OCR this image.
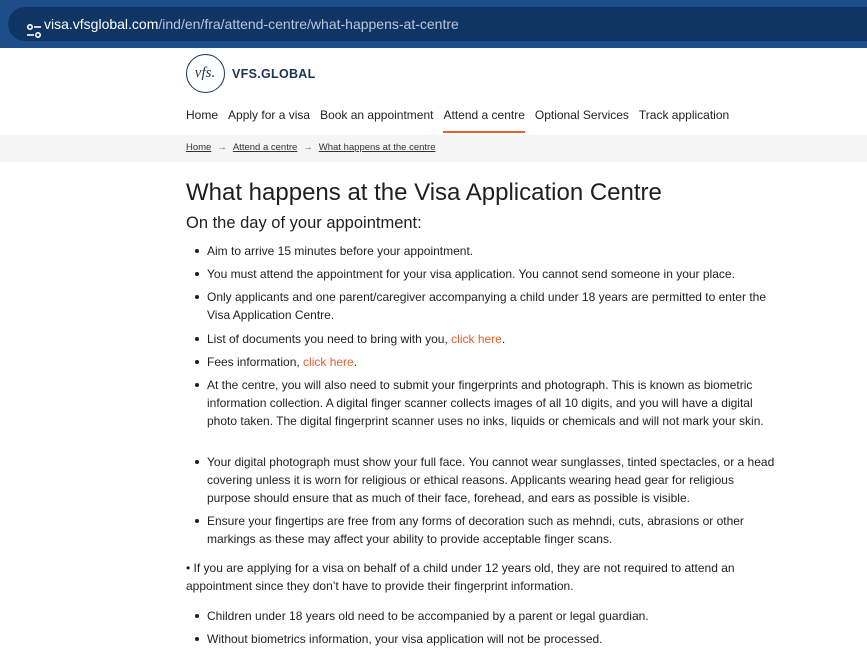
visa.vfsglobal.com/ind/en/fra/attend-centre/what-happens-at-centre
vfs.	VFS.GLOBAL
Home Apply for a visa Book an appointment Attend a centre Optional Services Track application
Home → Attend a centre → What happens at the centre
What happens at the Visa Application Centre
On the day of your appointment:
Aim to arrive 15 minutes before your appointment.
You must attend the appointment for your visa application. You cannot send someone in your place.
Only applicants and one parent/caregiver accompanying a child under 18 years are permitted to enter the Visa Application Centre.
List of documents you need to bring with you, click here.
Fees information, click here.
At the centre, you will also need to submit your fingerprints and photograph. This is known as biometric information collection. A digital finger scanner collects images of all 10 digits, and you will have a digital photo taken. The digital fingerprint scanner uses no inks, liquids or chemicals and will not mark your skin.
Your digital photograph must show your full face. You cannot wear sunglasses, tinted spectacles, or a head covering unless it is worn for religious or ethical reasons. Applicants wearing head gear for religious purpose should ensure that as much of their face, forehead, and ears as possible is visible.
Ensure your fingertips are free from any forms of decoration such as mehndi, cuts, abrasions or other markings as these may affect your ability to provide acceptable finger scans.
• If you are applying for a visa on behalf of a child under 12 years old, they are not required to attend an appointment since they don’t have to provide their fingerprint information.
Children under 18 years old need to be accompanied by a parent or legal guardian.
Without biometrics information, your visa application will not be processed.
